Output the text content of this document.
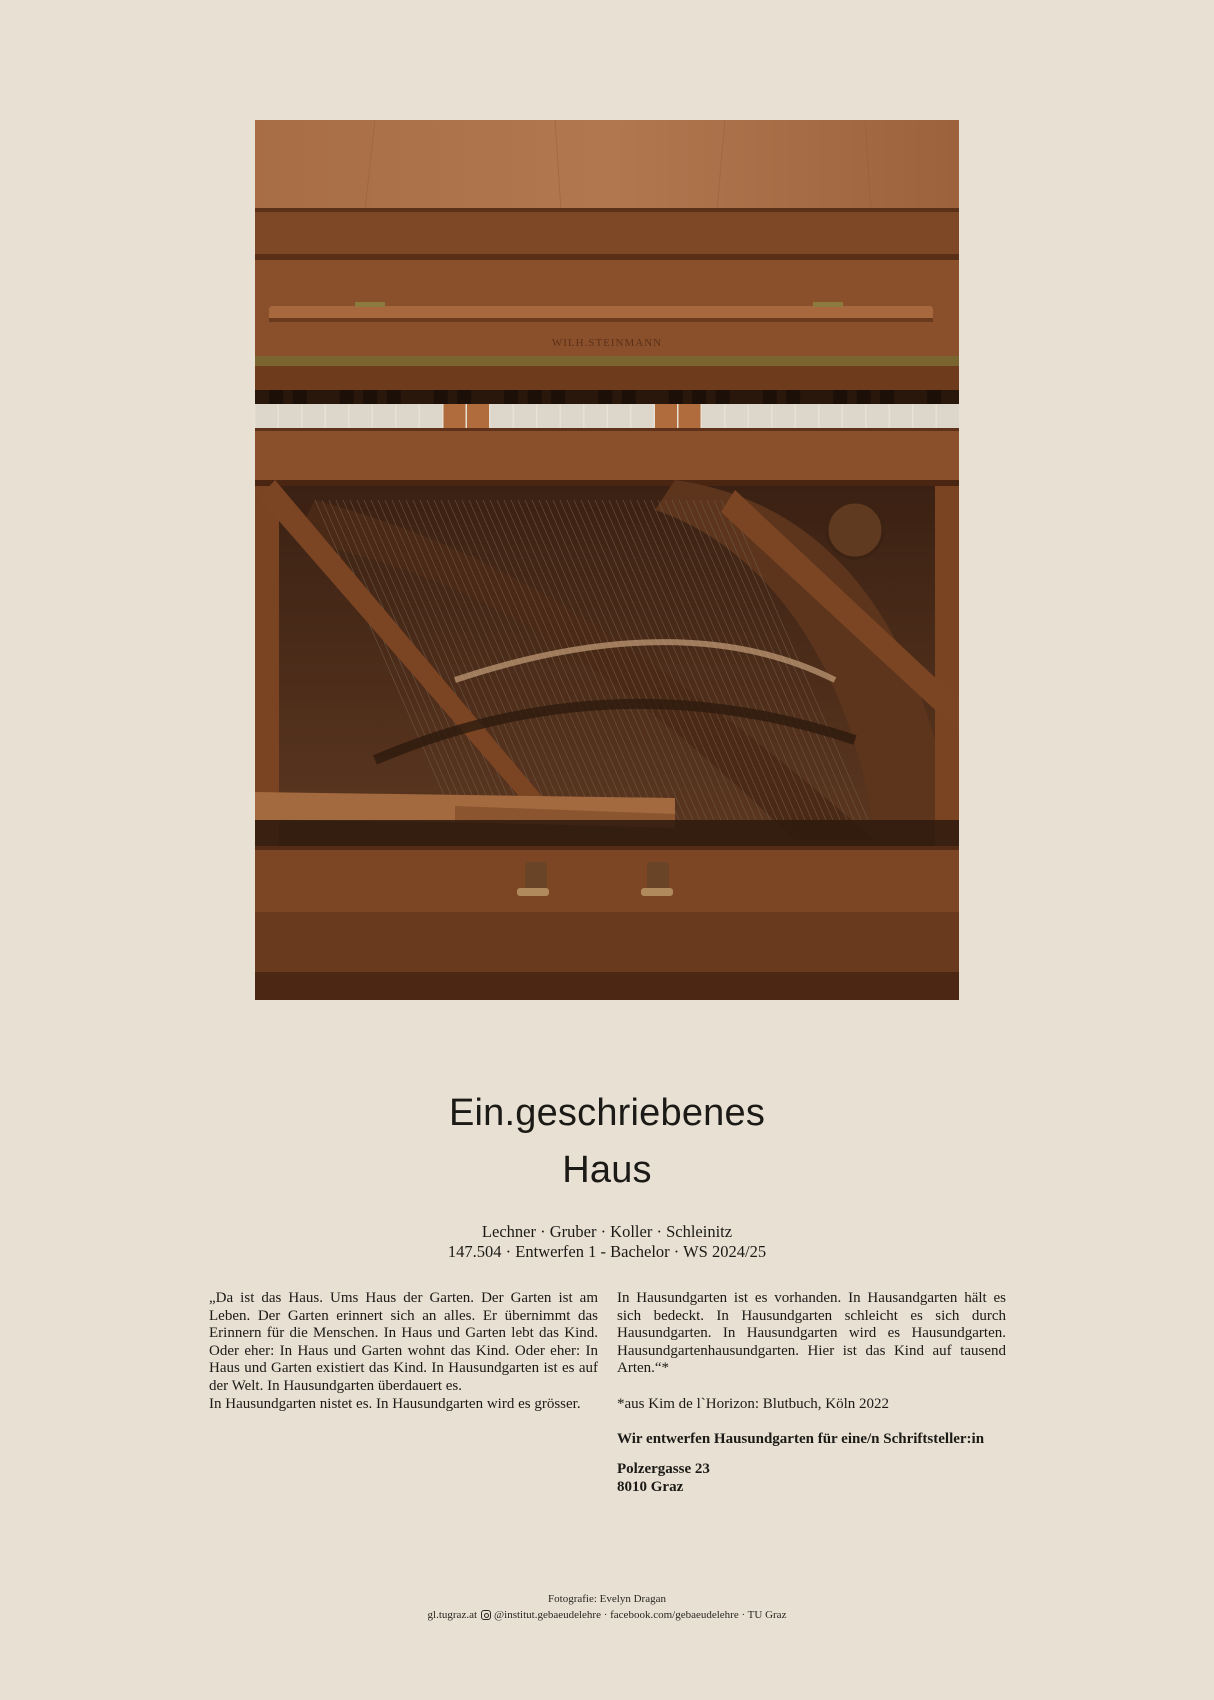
WILH.STEINMANN
Ein.geschriebenes
Haus
Lechner · Gruber · Koller · Schleinitz
147.504 · Entwerfen 1 - Bachelor · WS 2024/25

„Da ist das Haus. Ums Haus der Garten. Der Garten ist am Leben. Der Garten erinnert sich an alles. Er übernimmt das Erinnern für die Menschen. In Haus und Garten lebt das Kind. Oder eher: In Haus und Garten wohnt das Kind. Oder eher: In Haus und Garten existiert das Kind. In Hausundgarten ist es auf der Welt. In Hausundgarten überdauert es.

In Hausundgarten nistet es. In Hausundgarten wird es grösser.

In Hausundgarten ist es vorhanden. In Hausandgarten hält es sich bedeckt. In Hausundgarten schleicht es sich durch Hausundgarten. In Hausundgarten wird es Hausundgarten. Hausundgartenhausundgarten. Hier ist das Kind auf tausend Arten.“*

*aus Kim de l`Horizon: Blutbuch, Köln 2022

Wir entwerfen Hausundgarten für eine/n Schriftsteller:in

Polzergasse 23

8010 Graz

Fotografie: Evelyn Dragan
gl.tugraz.at @institut.gebaeudelehre · facebook.com/gebaeudelehre · TU Graz
